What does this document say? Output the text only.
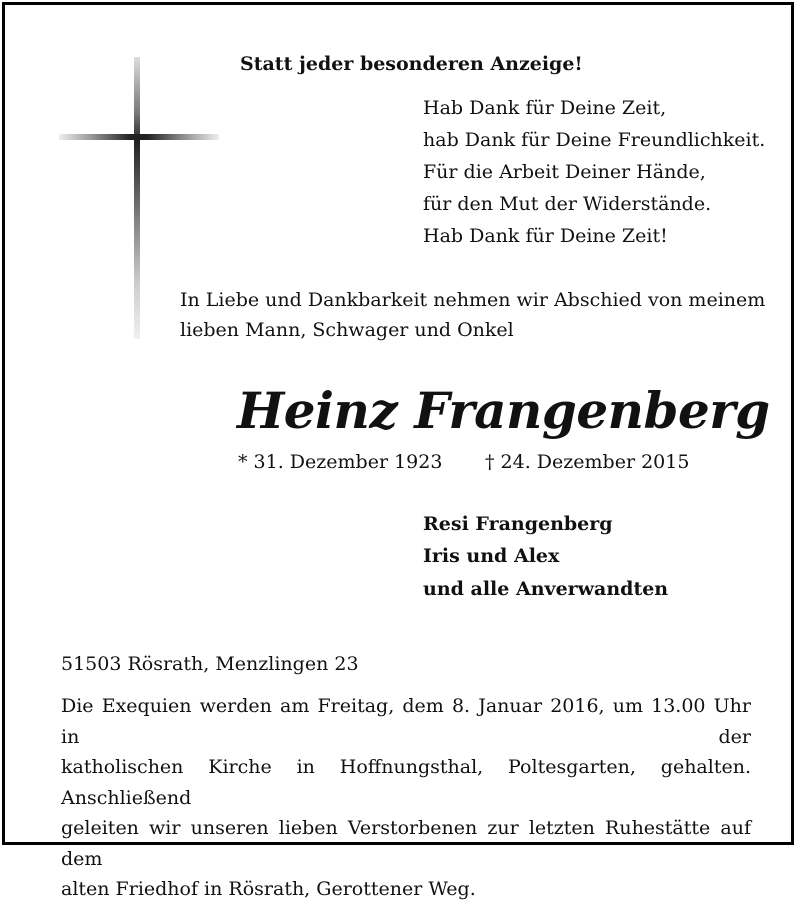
Statt jeder besonderen Anzeige!
Hab Dank für Deine Zeit,
hab Dank für Deine Freundlichkeit.
Für die Arbeit Deiner Hände,
für den Mut der Widerstände.
Hab Dank für Deine Zeit!
In Liebe und Dankbarkeit nehmen wir Abschied von meinem
lieben Mann, Schwager und Onkel
Heinz Frangenberg
* 31. Dezember 1923 † 24. Dezember 2015
Resi Frangenberg
Iris und Alex
und alle Anverwandten
51503 Rösrath, Menzlingen 23
Die Exequien werden am Freitag, dem 8. Januar 2016, um 13.00 Uhr in der
katholischen Kirche in Hoffnungsthal, Poltesgarten, gehalten. Anschließend
geleiten wir unseren lieben Verstorbenen zur letzten Ruhestätte auf dem
alten Friedhof in Rösrath, Gerottener Weg.
